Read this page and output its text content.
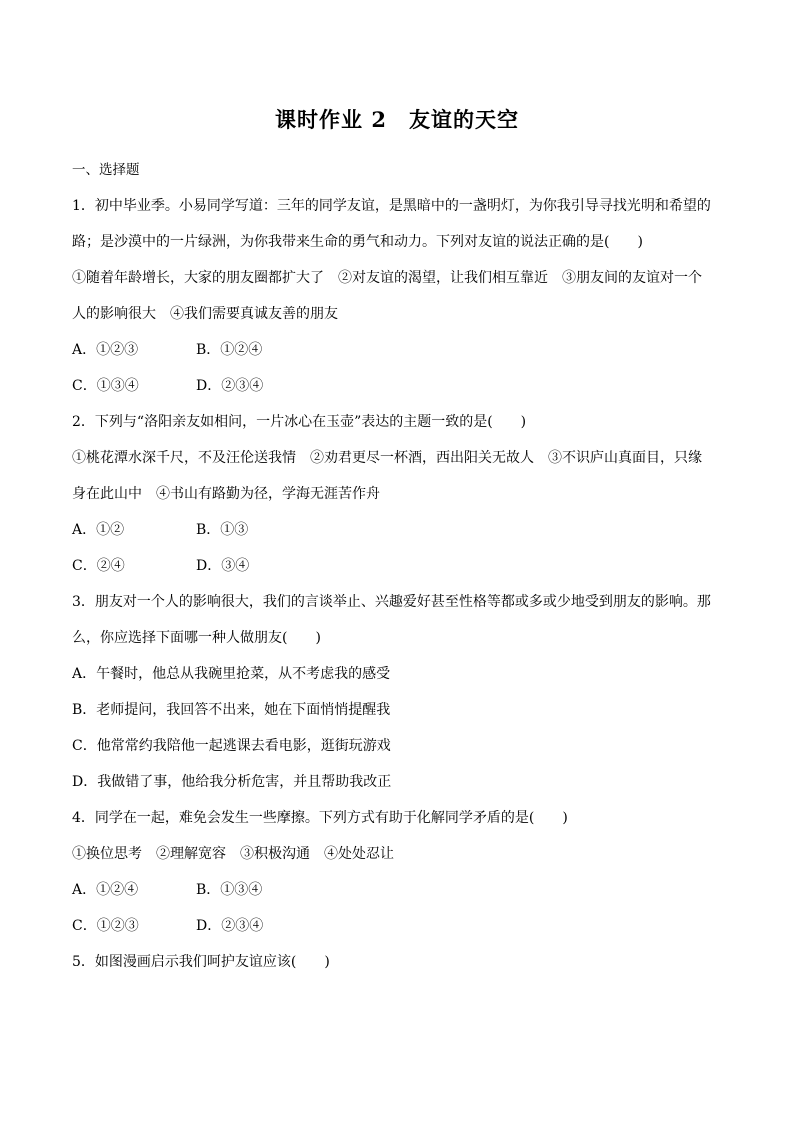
课时作业 2　友谊的天空
一、选择题
1．初中毕业季。小易同学写道：三年的同学友谊，是黑暗中的一盏明灯，为你我引导寻找光明和希望的
路；是沙漠中的一片绿洲，为你我带来生命的勇气和动力。下列对友谊的说法正确的是(　　)
①随着年龄增长，大家的朋友圈都扩大了　②对友谊的渴望，让我们相互靠近　③朋友间的友谊对一个
人的影响很大　④我们需要真诚友善的朋友
A．①②③	B．①②④
C．①③④	D．②③④
2．下列与“洛阳亲友如相问，一片冰心在玉壶”表达的主题一致的是(　　)
①桃花潭水深千尺，不及汪伦送我情　②劝君更尽一杯酒，西出阳关无故人　③不识庐山真面目，只缘
身在此山中　④书山有路勤为径，学海无涯苦作舟
A．①②	B．①③
C．②④	D．③④
3．朋友对一个人的影响很大，我们的言谈举止、兴趣爱好甚至性格等都或多或少地受到朋友的影响。那
么，你应选择下面哪一种人做朋友(　　)
A．午餐时，他总从我碗里抢菜，从不考虑我的感受
B．老师提问，我回答不出来，她在下面悄悄提醒我
C．他常常约我陪他一起逃课去看电影，逛街玩游戏
D．我做错了事，他给我分析危害，并且帮助我改正
4．同学在一起，难免会发生一些摩擦。下列方式有助于化解同学矛盾的是(　　)
①换位思考　②理解宽容　③积极沟通　④处处忍让
A．①②④	B．①③④
C．①②③	D．②③④
5．如图漫画启示我们呵护友谊应该(　　)
